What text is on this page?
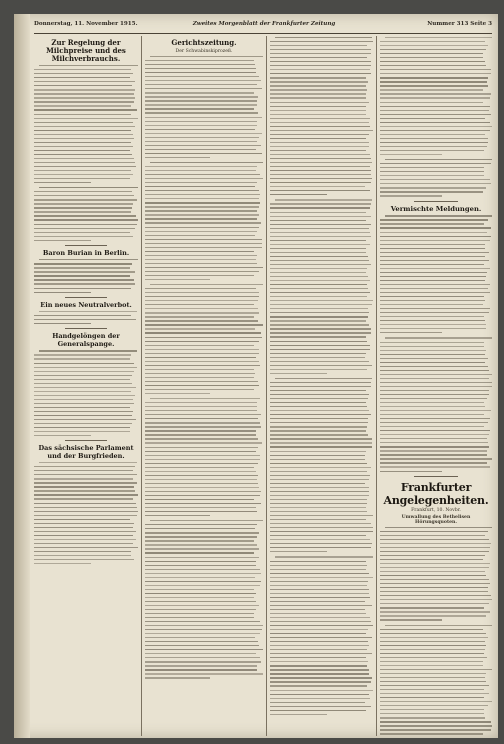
Donnerstag, 11. November 1915.	Zweites Morgenblatt der Frankfurter Zeitung	Nummer 313 Seite 3
Zur Regelung der Milchpreise und des Milchverbrauchs.
Baron Burian in Berlin.
Ein neues Neutralverbot.
Handgelöngen der Generalspange.
Das sächsische Parlament und der Burgfrieden.
Gerichtszeitung.
Der Schwabinskiprozeß.
Vermischte Meldungen.
Frankfurter Angelegenheiten.
Frankfurt, 10. Novbr.
Umwallung des Bethelisen Hörungsquoten.
